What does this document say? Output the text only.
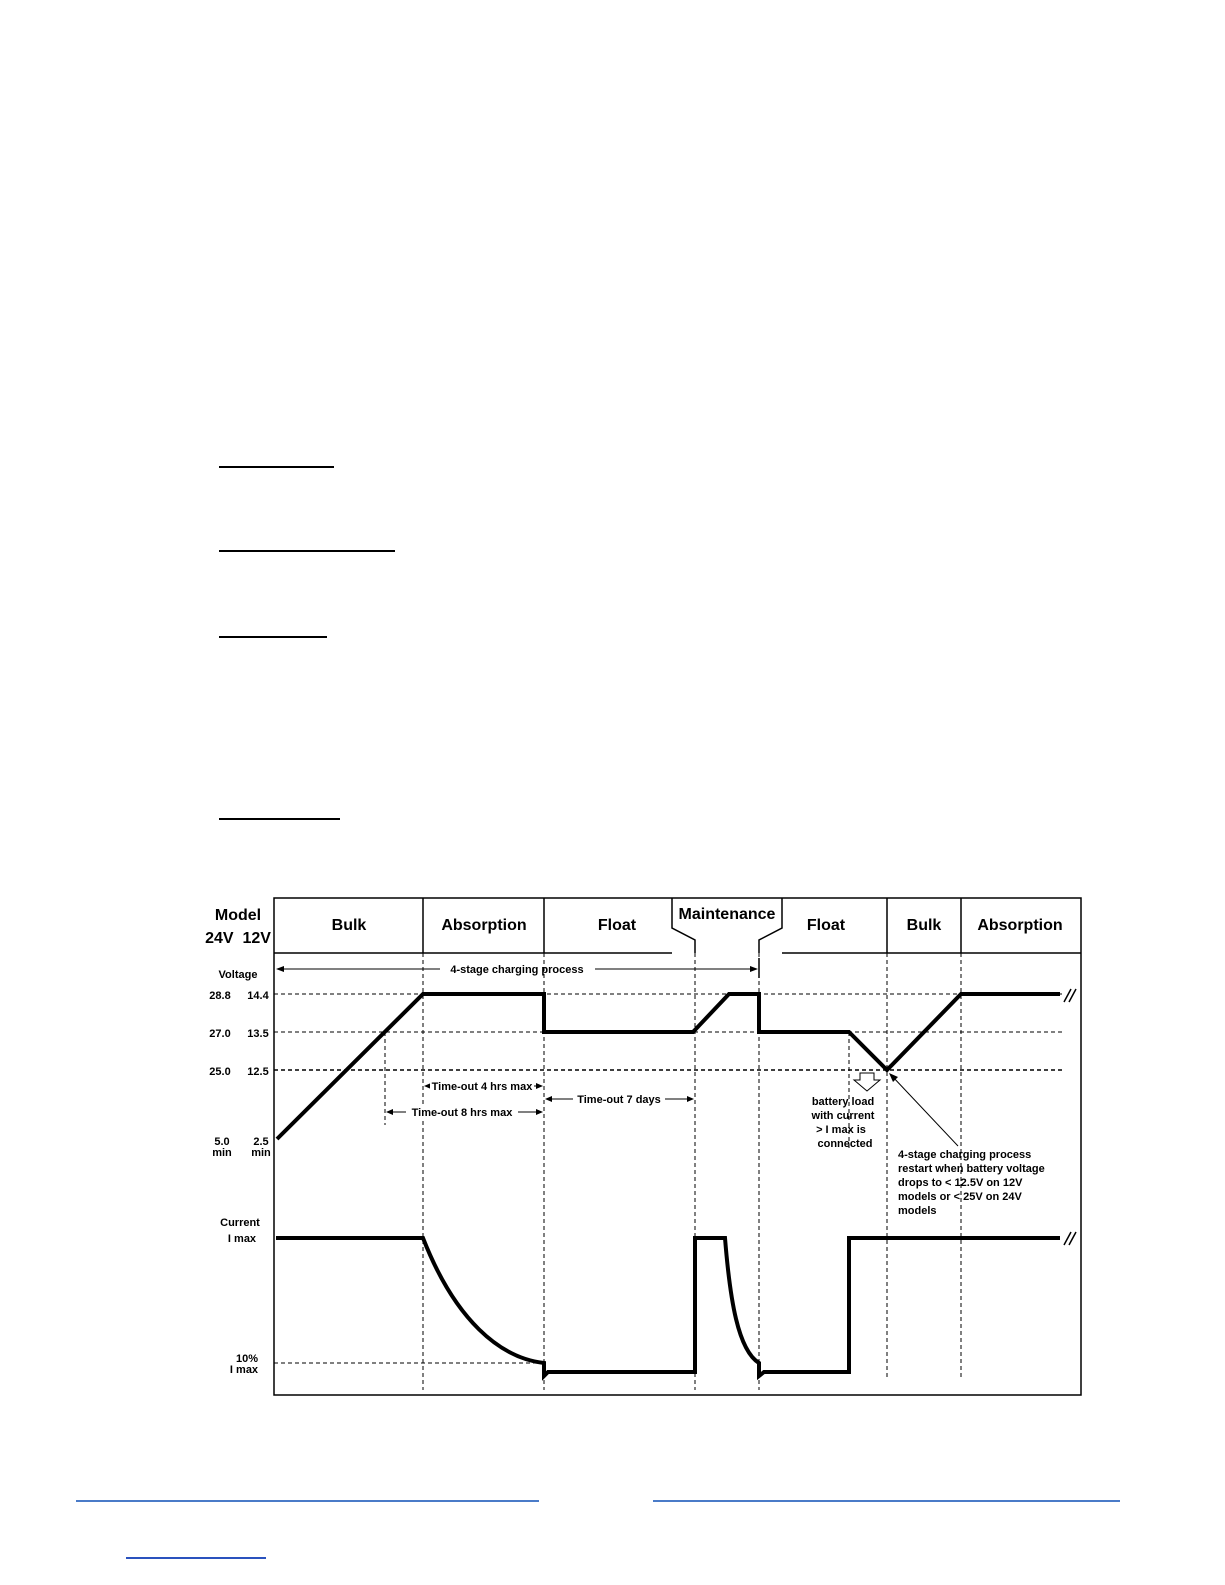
Bulk	Absorption	Float
Maintenance
Float	Bulk Absorption
Model
24V  12V
Voltage
28.8 14.4
27.0 13.5
25.0 12.5
5.0
min
2.5
min
Current
I max
10%
I max
4-stage charging process
Time-out 4 hrs max
Time-out 8 hrs max
Time-out 7 days	battery load
with current
> I max is
connected
4-stage charging process
restart when battery voltage
drops to < 12.5V on 12V
models or < 25V on 24V
models
